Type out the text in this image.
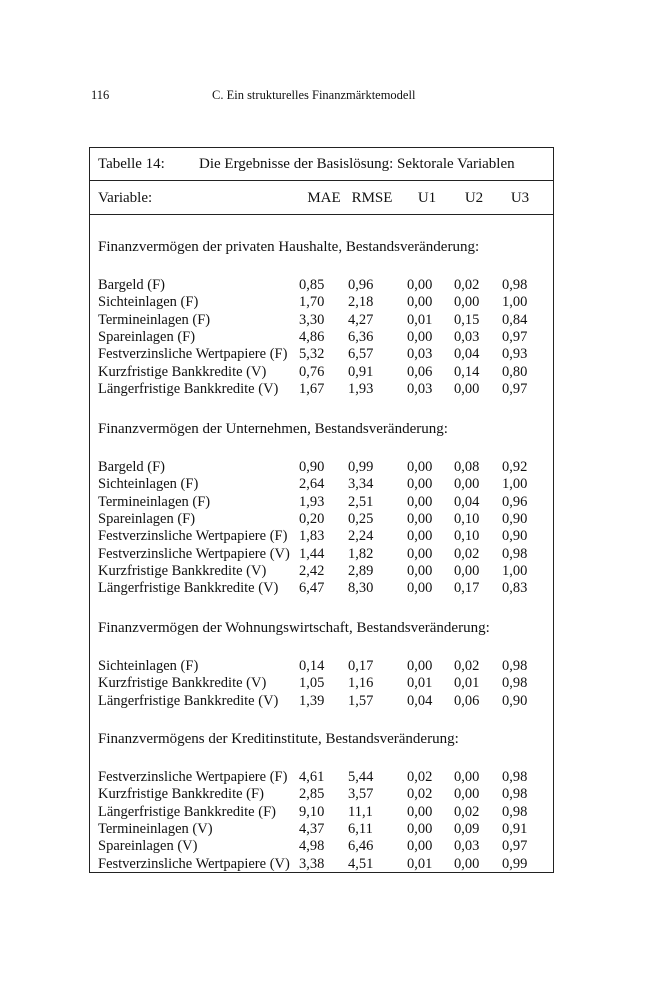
116	C. Ein strukturelles Finanzmärktemodell
Tabelle 14: Die Ergebnisse der Basislösung: Sektorale Variablen
Variable:	MAE RMSE	U1	U2	U3
Finanzvermögen der privaten Haushalte, Bestandsveränderung:
Bargeld (F)	0,85 0,96 0,00 0,02 0,98
Sichteinlagen (F)	1,70 2,18 0,00 0,00 1,00
Termineinlagen (F)	3,30 4,27 0,01 0,15 0,84
Spareinlagen (F)	4,86 6,36 0,00 0,03 0,97
Festverzinsliche Wertpapiere (F) 5,32 6,57 0,03 0,04 0,93
Kurzfristige Bankkredite (V) 0,76 0,91 0,06 0,14 0,80
Längerfristige Bankkredite (V) 1,67 1,93 0,03 0,00 0,97
Finanzvermögen der Unternehmen, Bestandsveränderung:
Bargeld (F)	0,90 0,99 0,00 0,08 0,92
Sichteinlagen (F)	2,64 3,34 0,00 0,00 1,00
Termineinlagen (F)	1,93 2,51 0,00 0,04 0,96
Spareinlagen (F)	0,20 0,25 0,00 0,10 0,90
Festverzinsliche Wertpapiere (F) 1,83 2,24 0,00 0,10 0,90
Festverzinsliche Wertpapiere (V) 1,44 1,82 0,00 0,02 0,98
Kurzfristige Bankkredite (V) 2,42 2,89 0,00 0,00 1,00
Längerfristige Bankkredite (V) 6,47 8,30 0,00 0,17 0,83
Finanzvermögen der Wohnungswirtschaft, Bestandsveränderung:
Sichteinlagen (F)	0,14 0,17 0,00 0,02 0,98
Kurzfristige Bankkredite (V) 1,05 1,16 0,01 0,01 0,98
Längerfristige Bankkredite (V) 1,39 1,57 0,04 0,06 0,90
Finanzvermögens der Kreditinstitute, Bestandsveränderung:
Festverzinsliche Wertpapiere (F) 4,61 5,44 0,02 0,00 0,98
Kurzfristige Bankkredite (F) 2,85 3,57 0,02 0,00 0,98
Längerfristige Bankkredite (F) 9,10 11,1 0,00 0,02 0,98
Termineinlagen (V)	4,37 6,11 0,00 0,09 0,91
Spareinlagen (V)	4,98 6,46 0,00 0,03 0,97
Festverzinsliche Wertpapiere (V) 3,38 4,51 0,01 0,00 0,99
